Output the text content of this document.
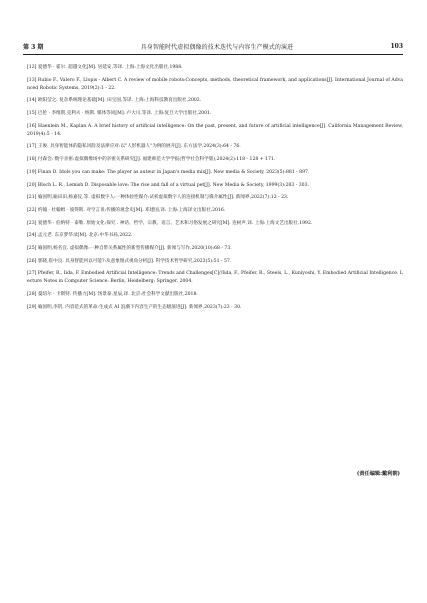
第 3 期	具身智能时代虚拟偶像的技术迭代与内容生产模式的演进	103

[12] 爱德华 · 霍尔. 超越文化[M]. 居延安,等译. 上海:上海文化出版社,1988.

[13] Rubio F., Valero F., Llopis - Albert C. A review of mobile robots:Concepts, methods, theoretical framework, and applications[J]. International Journal of Advanced Robotic Systems, 2019(2):1 - 22.

[14] 欧阳莹之. 复杂系统理论基础[M]. 田宝国,等译. 上海:上海科技教育出版社,2002.

[15] 巴伦 · 李维斯,克利夫 · 纳斯. 媒体等同[M]. 卢大川,等译. 上海:复旦大学出版社,2001.

[16] Haenlein M., Kaplan A. A brief history of artificial intelligence: On the past, present, and future of artificial intelligence[J]. California Management Review, 2019(4):5 - 14.

[17] 王俊. 具身智能体的隐私风险及法律应对:以"人形机器人"为例的展开[J]. 东方法学,2024(3):64 - 76.

[18] 付森会. 数字亲密:虚拟偶像场中的亲密关系研究[J]. 福建师范大学学报(哲学社会科学版),2024(2):118 - 128 + 171.

[19] Finan D. Idols you can make: The player as auteur in Japan's media mix[J]. New media & Society, 2023(5):881 - 897.

[20] Bloch L. R., Lemish D. Disposable love: The rise and fall of a virtual pet[J]. New Media & Society, 1999(3):283 - 303.

[21] 喻国明,喻田田,杨嘉仪,等. 虚拟数字人:一种体验性媒介:试析虚拟数字人的连接机制与媒介属性[J]. 新闻界,2022(7):12 - 23.

[22] 约翰 · 杜翰姆 · 彼得斯. 对空言说:传播的观念史[M]. 邓建国,译. 上海:上海译文出版社,2016.

[23] 爱德华 · 伯纳特 · 泰勒. 原始文化:探究 . 神话、哲学、宗教、语言、艺术和习俗发展之研究[M]. 连树声,译. 上海:上海文艺出版社,1992.

[24] 孟元老. 东京梦华录[M]. 北京:中华书局,2022.

[25] 喻国明,杨名宜. 虚拟偶像:一种自带关系属性的新型传播媒介[J]. 新闻与写作,2020(10):68 - 73.

[26] 郭晓,崔中良. 具身智能何以可能?:从意象图式视角分析[J]. 科学技术哲学研究,2023(5):51 - 57.

[27] Pfeifer, R., Iida, F. Embodied Artificial Intelligence: Trends and Challenges[C]//Iida, F., Pfeifer, R., Steels, L., Kuniyoshi, Y. Embodied Artificial Intelligence. Lecture Notes in Computer Science. Berlin, Heidelberg: Springer, 2004.

[28] 曼纽尔 · 卡斯特. 传播力[M]. 汤景泰,星辰,译. 北京:社会科学文献出版社,2018.

[29] 喻国明,李钒. 内容范式的革命:生成式 AI 浪潮下内容生产的生态级演进[J]. 新闻界,2023(7):23 - 30.

(责任编辑:戴利朝)
